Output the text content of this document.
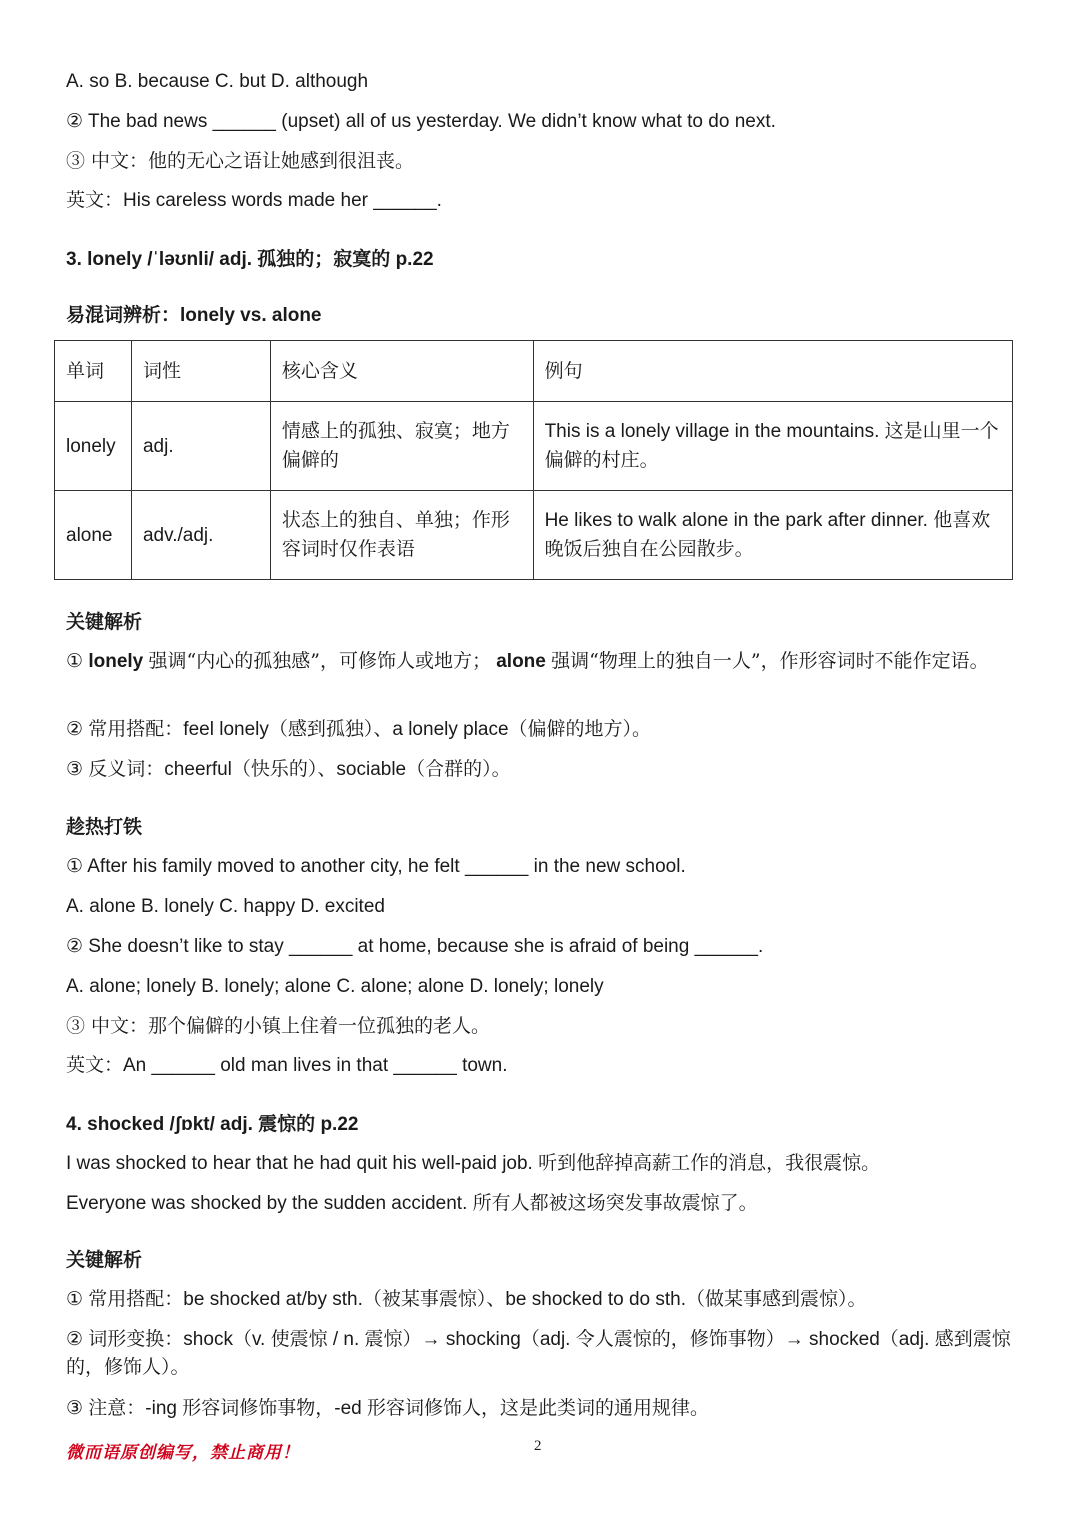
A. so B. because C. but D. although
② The bad news ______ (upset) all of us yesterday. We didn’t know what to do next.
③ 中文：他的无心之语让她感到很沮丧。
英文：His careless words made her ______.
3. lonely /ˈləʊnli/ adj. 孤独的；寂寞的 p.22
易混词辨析：lonely vs. alone
单词	词性	核心含义	例句
lonely	adj.	情感上的孤独、寂寞；地方偏僻的	This is a lonely village in the mountains. 这是山里一个偏僻的村庄。
alone	adv./adj.	状态上的独自、单独；作形容词时仅作表语	He likes to walk alone in the park after dinner. 他喜欢晚饭后独自在公园散步。
关键解析
① lonely 强调“内心的孤独感”，可修饰人或地方； alone 强调“物理上的独自一人”，作形容词时不能作定语。
② 常用搭配：feel lonely（感到孤独）、a lonely place（偏僻的地方）。
③ 反义词：cheerful（快乐的）、sociable（合群的）。
趁热打铁
① After his family moved to another city, he felt ______ in the new school.
A. alone B. lonely C. happy D. excited
② She doesn’t like to stay ______ at home, because she is afraid of being ______.
A. alone; lonely B. lonely; alone C. alone; alone D. lonely; lonely
③ 中文：那个偏僻的小镇上住着一位孤独的老人。
英文：An ______ old man lives in that ______ town.
4. shocked /ʃɒkt/ adj. 震惊的 p.22
I was shocked to hear that he had quit his well-paid job. 听到他辞掉高薪工作的消息，我很震惊。
Everyone was shocked by the sudden accident. 所有人都被这场突发事故震惊了。
关键解析
① 常用搭配：be shocked at/by sth.（被某事震惊）、be shocked to do sth.（做某事感到震惊）。
② 词形变换：shock（v. 使震惊 / n. 震惊）→ shocking（adj. 令人震惊的，修饰事物）→ shocked（adj. 感到震惊的，修饰人）。
③ 注意：-ing 形容词修饰事物，-ed 形容词修饰人，这是此类词的通用规律。
微而语原创编写，禁止商用！	2
